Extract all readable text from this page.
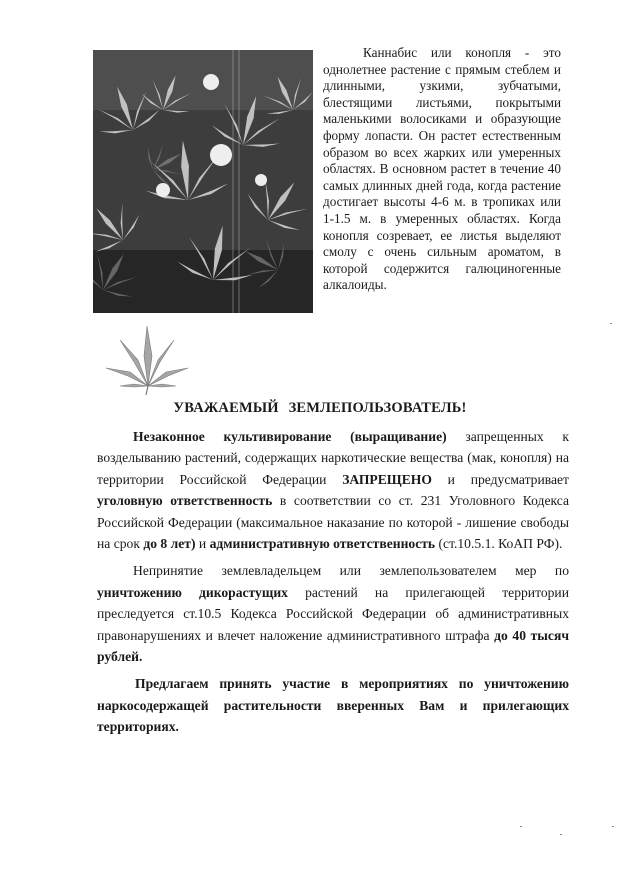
Каннабис или конопля - это однолетнее растение с прямым стеблем и длинными, узкими, зубчатыми, блестящими листьями, покрытыми маленькими волосиками и образующие форму лопасти. Он растет естественным образом во всех жарких или умеренных областях. В основном растет в течение 40 самых длинных дней года, когда растение достигает высоты 4-6 м. в тропиках или 1-1.5 м. в умеренных областях. Когда конопля созревает, ее листья выделяют смолу с очень сильным ароматом, в которой содержится галюциногенные алкалоиды.

УВАЖАЕМЫЙ ЗЕМЛЕПОЛЬЗОВАТЕЛЬ!

Незаконное культивирование (выращивание) запрещенных к возделыванию растений, содержащих наркотические вещества (мак, конопля) на территории Российской Федерации ЗАПРЕЩЕНО и предусматривает уголовную ответственность в соответствии со ст. 231 Уголовного Кодекса Российской Федерации (максимальное наказание по которой - лишение свободы на срок до 8 лет) и административную ответственность (ст.10.5.1. КоАП РФ).

Непринятие землевладельцем или землепользователем мер по уничтожению дикорастущих растений на прилегающей территории преследуется ст.10.5 Кодекса Российской Федерации об административных правонарушениях и влечет наложение административного штрафа до 40 тысяч рублей.

Предлагаем принять участие в мероприятиях по уничтожению наркосодержащей растительности вверенных Вам и прилегающих территориях.
